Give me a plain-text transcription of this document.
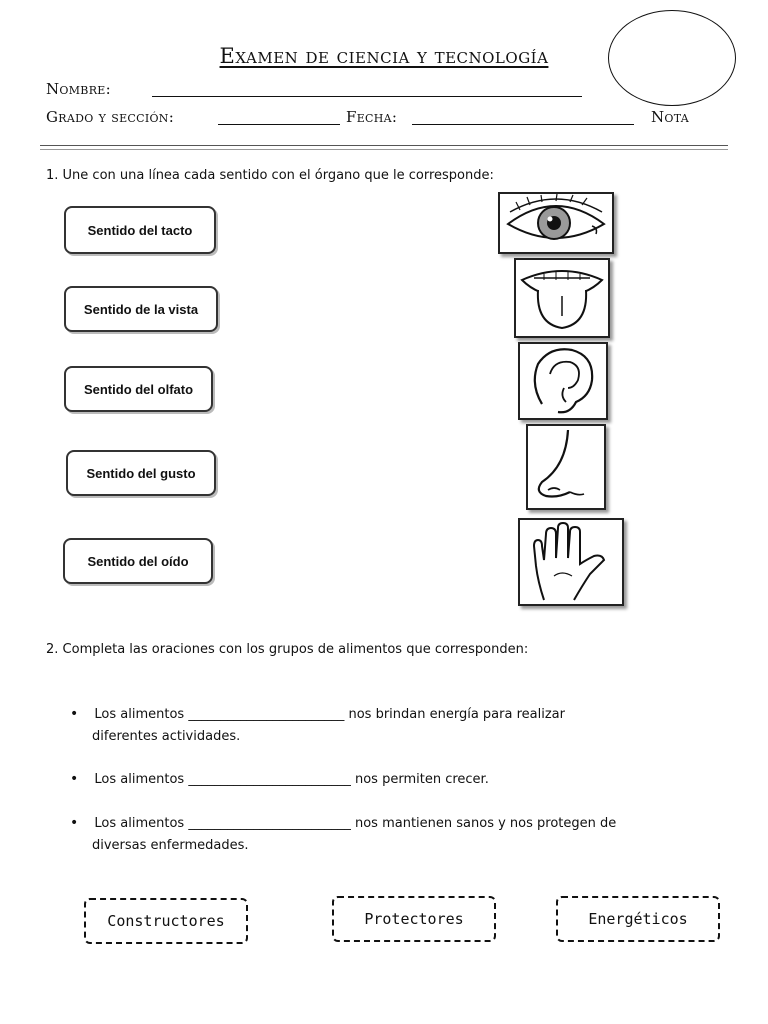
Examen de ciencia y tecnología
Nombre:
Grado y sección:	Fecha:	Nota
1. Une con una línea cada sentido con el órgano que le corresponde:
Sentido del tacto
Sentido de la vista
Sentido del olfato
Sentido del gusto
Sentido del oído
2. Completa las oraciones con los grupos de alimentos que corresponden:
• Los alimentos ________________________ nos brindan energía para realizar
diferentes actividades.
• Los alimentos _________________________ nos permiten crecer.
• Los alimentos _________________________ nos mantienen sanos y nos protegen de
diversas enfermedades.
Constructores	Protectores	Energéticos
